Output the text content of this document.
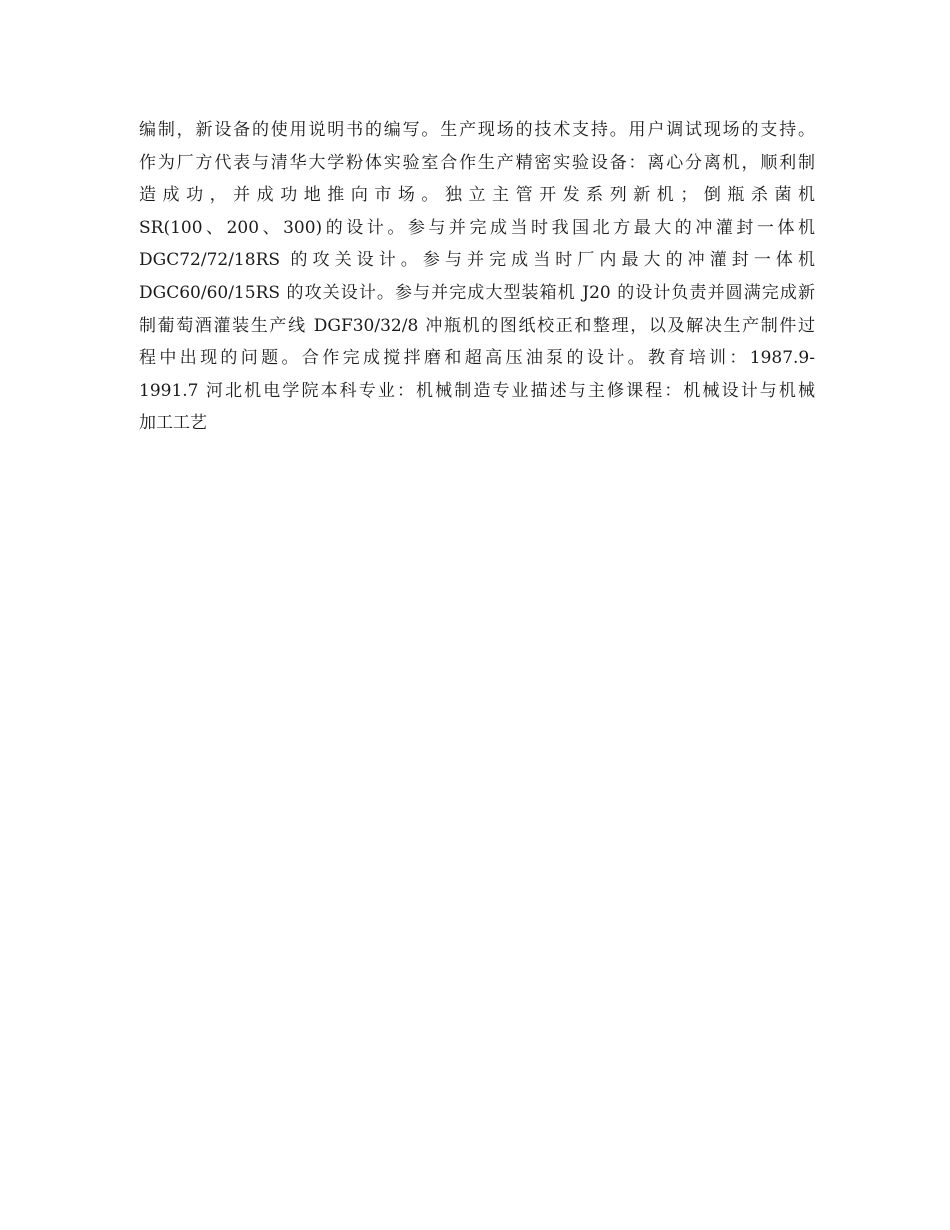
编制，新设备的使用说明书的编写。生产现场的技术支持。用户调试现场的支持。
作为厂方代表与清华大学粉体实验室合作生产精密实验设备：离心分离机，顺利制
造成功，并成功地推向市场。独立主管开发系列新机；倒瓶杀菌机
SR(100、200、300)的设计。参与并完成当时我国北方最大的冲灌封一体机
DGC72/72/18RS 的攻关设计。参与并完成当时厂内最大的冲灌封一体机
DGC60/60/15RS 的攻关设计。参与并完成大型装箱机 J20 的设计负责并圆满完成新
制葡萄酒灌装生产线 DGF30/32/8 冲瓶机的图纸校正和整理，以及解决生产制件过
程中出现的问题。合作完成搅拌磨和超高压油泵的设计。教育培训：1987.9-
1991.7 河北机电学院本科专业：机械制造专业描述与主修课程：机械设计与机械
加工工艺
